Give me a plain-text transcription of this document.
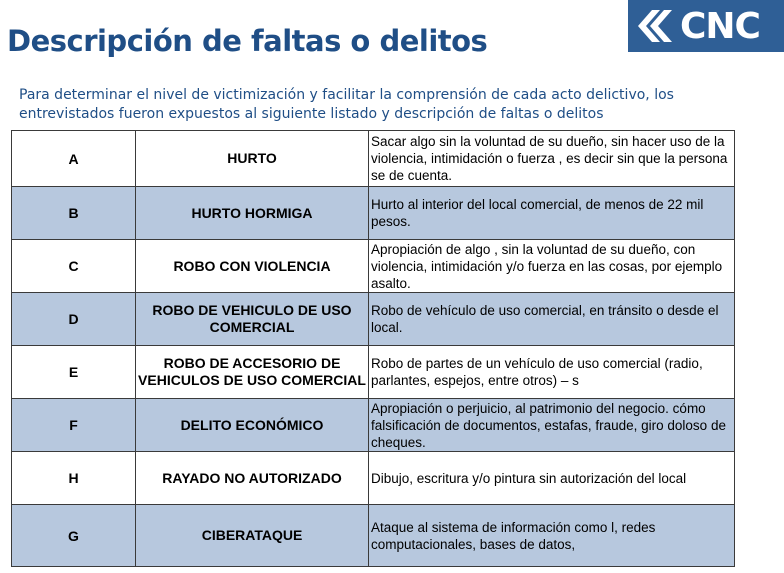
Descripción de faltas o delitos	CNC
Para determinar el nivel de victimización y facilitar la comprensión de cada acto delictivo, los entrevistados fueron expuestos al siguiente listado y descripción de faltas o delitos
A	HURTO	Sacar algo sin la voluntad de su dueño, sin hacer uso de la violencia, intimidación o fuerza , es decir sin que la persona se de cuenta.
B	HURTO HORMIGA	Hurto al interior del local comercial, de menos de 22 mil pesos.
C	ROBO CON VIOLENCIA	Apropiación de algo , sin la voluntad de su dueño, con violencia, intimidación y/o fuerza en las cosas, por ejemplo asalto.
D	ROBO DE VEHICULO DE USO COMERCIAL	Robo de vehículo de uso comercial, en tránsito o desde el local.
E	ROBO DE ACCESORIO DE VEHICULOS DE USO COMERCIAL	Robo de partes de un vehículo de uso comercial (radio, parlantes, espejos, entre otros) – s
F	DELITO ECONÓMICO	Apropiación o perjuicio, al patrimonio del negocio. cómo falsificación de documentos, estafas, fraude, giro doloso de cheques.
H	RAYADO NO AUTORIZADO	Dibujo, escritura y/o pintura sin autorización del local
G	CIBERATAQUE	Ataque al sistema de información como l, redes computacionales, bases de datos,
